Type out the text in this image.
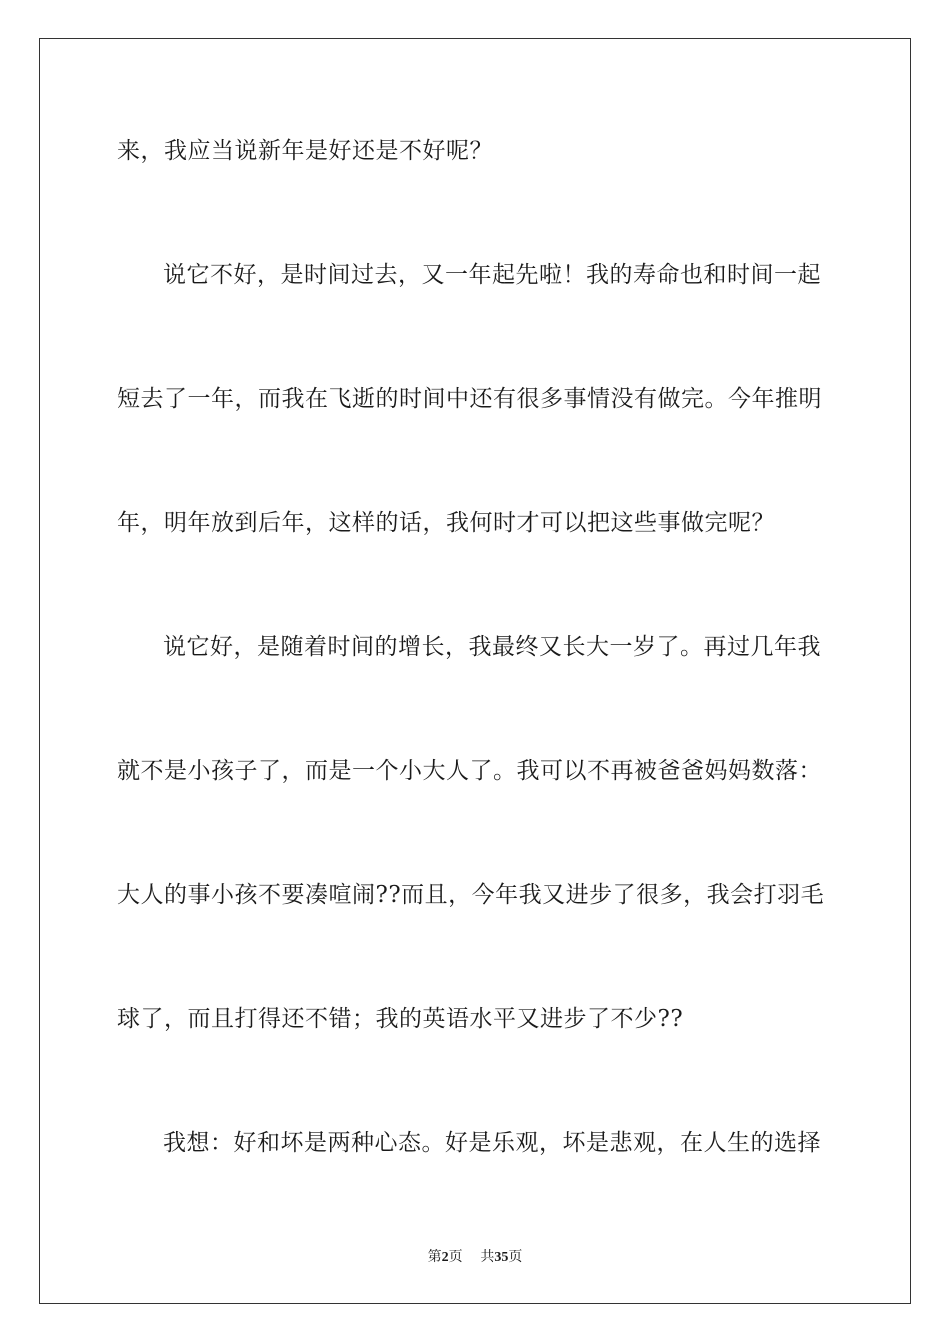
来，我应当说新年是好还是不好呢？
说它不好，是时间过去，又一年起先啦！我的寿命也和时间一起
短去了一年，而我在飞逝的时间中还有很多事情没有做完。今年推明
年，明年放到后年，这样的话，我何时才可以把这些事做完呢？
说它好，是随着时间的增长，我最终又长大一岁了。再过几年我
就不是小孩子了，而是一个小大人了。我可以不再被爸爸妈妈数落：
大人的事小孩不要凑喧闹??而且，今年我又进步了很多，我会打羽毛
球了，而且打得还不错；我的英语水平又进步了不少??
我想：好和坏是两种心态。好是乐观，坏是悲观，在人生的选择
第2页 共35页
